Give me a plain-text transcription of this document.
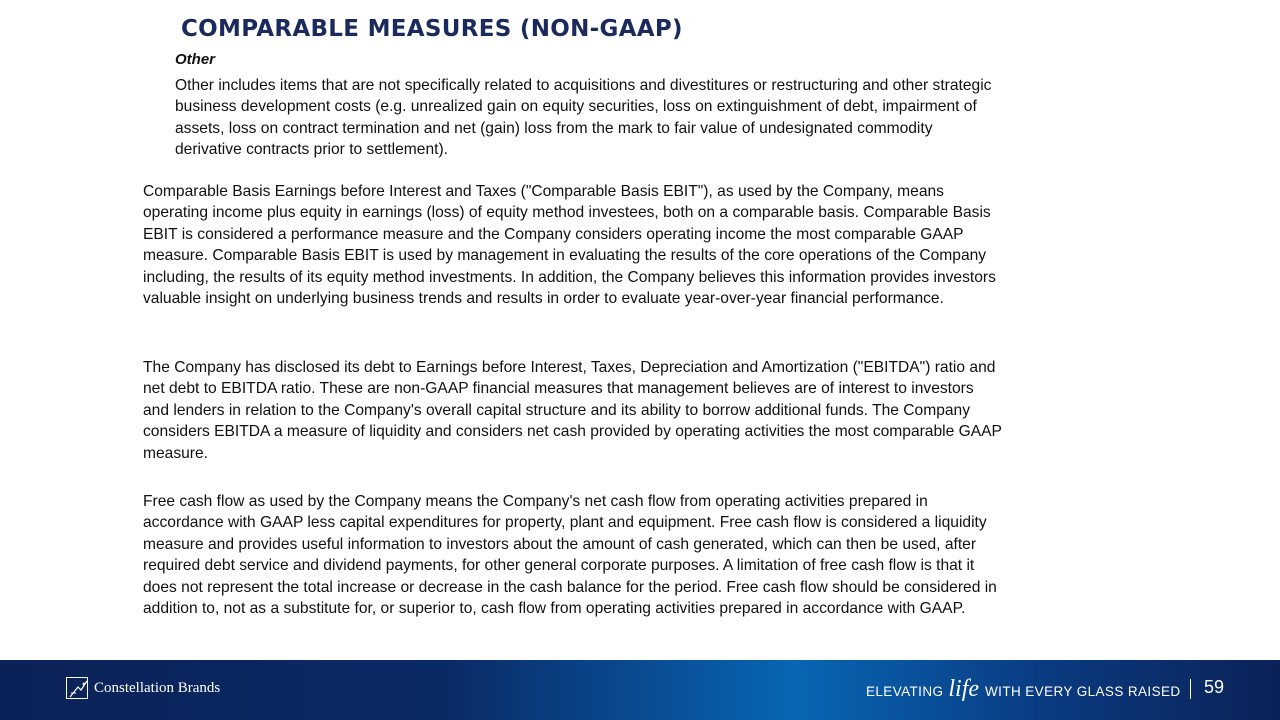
COMPARABLE MEASURES (NON-GAAP)
Other

Other includes items that are not specifically related to acquisitions and divestitures or restructuring and other strategic business development costs (e.g. unrealized gain on equity securities, loss on extinguishment of debt, impairment of assets, loss on contract termination and net (gain) loss from the mark to fair value of undesignated commodity derivative contracts prior to settlement).

Comparable Basis Earnings before Interest and Taxes ("Comparable Basis EBIT"), as used by the Company, means operating income plus equity in earnings (loss) of equity method investees, both on a comparable basis. Comparable Basis EBIT is considered a performance measure and the Company considers operating income the most comparable GAAP measure. Comparable Basis EBIT is used by management in evaluating the results of the core operations of the Company including, the results of its equity method investments. In addition, the Company believes this information provides investors valuable insight on underlying business trends and results in order to evaluate year-over-year financial performance.

The Company has disclosed its debt to Earnings before Interest, Taxes, Depreciation and Amortization ("EBITDA") ratio and net debt to EBITDA ratio. These are non-GAAP financial measures that management believes are of interest to investors and lenders in relation to the Company's overall capital structure and its ability to borrow additional funds. The Company considers EBITDA a measure of liquidity and considers net cash provided by operating activities the most comparable GAAP measure.

Free cash flow as used by the Company means the Company's net cash flow from operating activities prepared in accordance with GAAP less capital expenditures for property, plant and equipment. Free cash flow is considered a liquidity measure and provides useful information to investors about the amount of cash generated, which can then be used, after required debt service and dividend payments, for other general corporate purposes. A limitation of free cash flow is that it does not represent the total increase or decrease in the cash balance for the period. Free cash flow should be considered in addition to, not as a substitute for, or superior to, cash flow from operating activities prepared in accordance with GAAP.

Constellation Brands	ELEVATING life WITH EVERY GLASS RAISED 59
